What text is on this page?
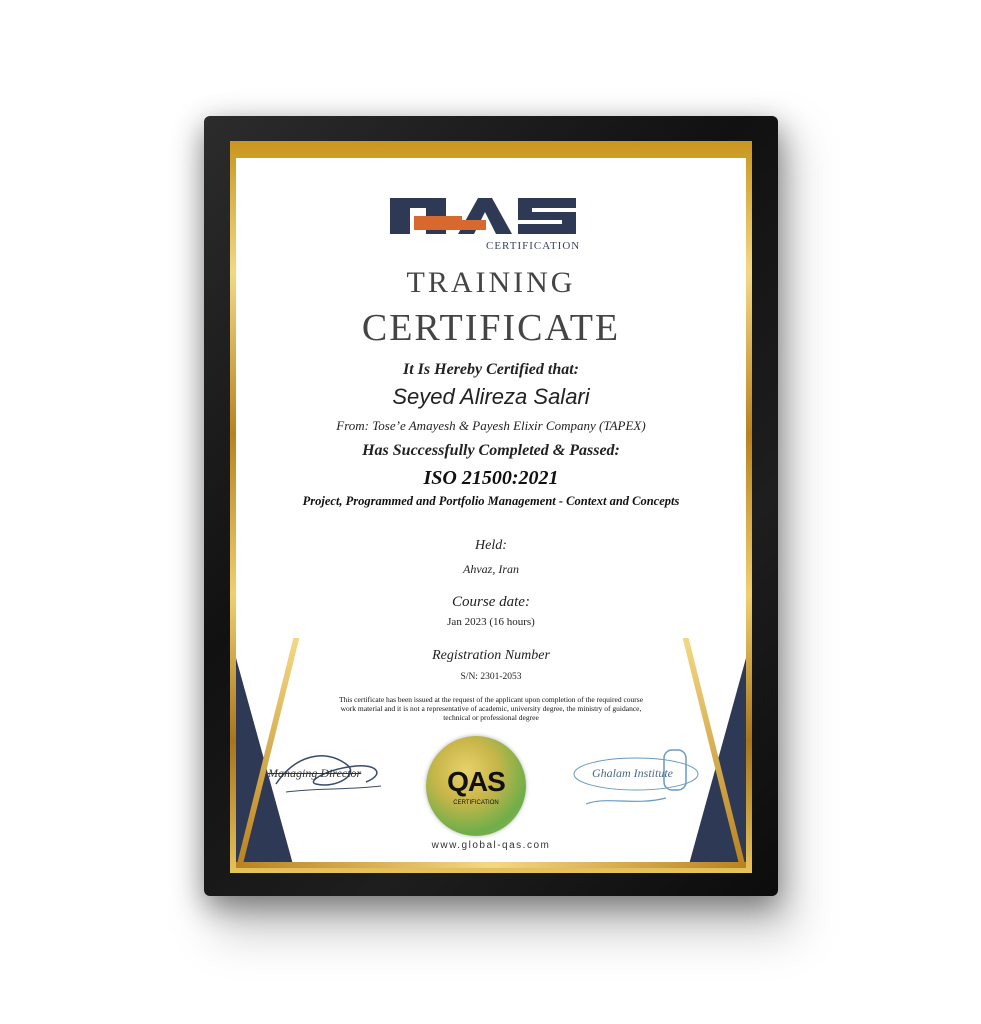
CERTIFICATION
TRAINING
CERTIFICATE
It Is Hereby Certified that:
Seyed Alireza Salari
From: Tose’e Amayesh & Payesh Elixir Company (TAPEX)
Has Successfully Completed & Passed:
ISO 21500:2021
Project, Programmed and Portfolio Management - Context and Concepts
Held:
Ahvaz, Iran
Course date:
Jan 2023 (16 hours)
Registration Number
S/N: 2301-2053
This certificate has been issued at the request of the applicant upon completion of the required course work material and it is not a representative of academic, university degree, the ministry of guidance, technical or professional degree
Managing Director	QAS
CERTIFICATION
Ghalam Institute
www.global-qas.com
